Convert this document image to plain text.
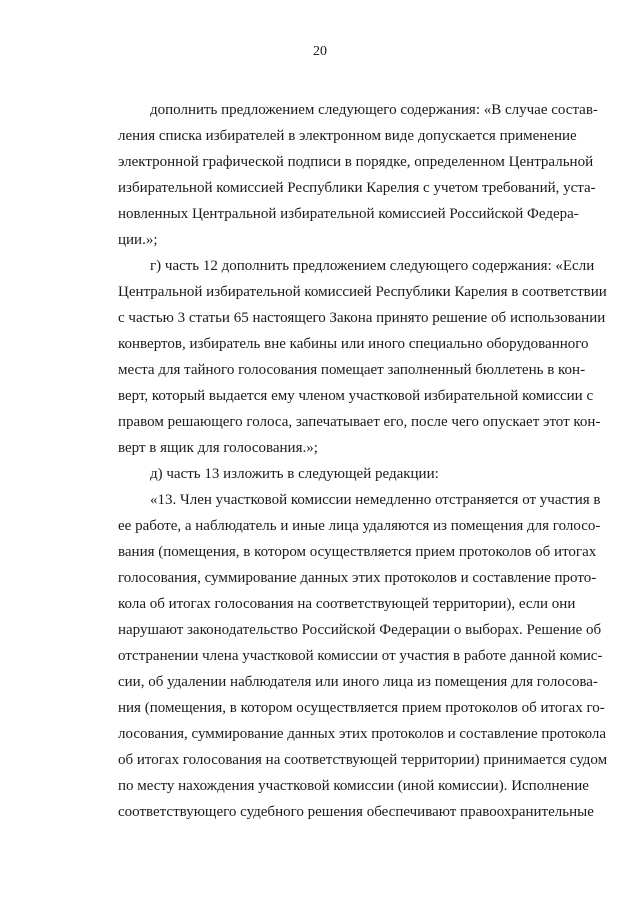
20
дополнить предложением следующего содержания: «В случае состав-
ления списка избирателей в электронном виде допускается применение
электронной графической подписи в порядке, определенном Центральной
избирательной комиссией Республики Карелия с учетом требований, уста-
новленных Центральной избирательной комиссией Российской Федера-
ции.»;
г) часть 12 дополнить предложением следующего содержания: «Если
Центральной избирательной комиссией Республики Карелия в соответствии
с частью 3 статьи 65 настоящего Закона принято решение об использовании
конвертов, избиратель вне кабины или иного специально оборудованного
места для тайного голосования помещает заполненный бюллетень в кон-
верт, который выдается ему членом участковой избирательной комиссии с
правом решающего голоса, запечатывает его, после чего опускает этот кон-
верт в ящик для голосования.»;
д) часть 13 изложить в следующей редакции:
«13. Член участковой комиссии немедленно отстраняется от участия в
ее работе, а наблюдатель и иные лица удаляются из помещения для голосо-
вания (помещения, в котором осуществляется прием протоколов об итогах
голосования, суммирование данных этих протоколов и составление прото-
кола об итогах голосования на соответствующей территории), если они
нарушают законодательство Российской Федерации о выборах. Решение об
отстранении члена участковой комиссии от участия в работе данной комис-
сии, об удалении наблюдателя или иного лица из помещения для голосова-
ния (помещения, в котором осуществляется прием протоколов об итогах го-
лосования, суммирование данных этих протоколов и составление протокола
об итогах голосования на соответствующей территории) принимается судом
по месту нахождения участковой комиссии (иной комиссии). Исполнение
соответствующего судебного решения обеспечивают правоохранительные
